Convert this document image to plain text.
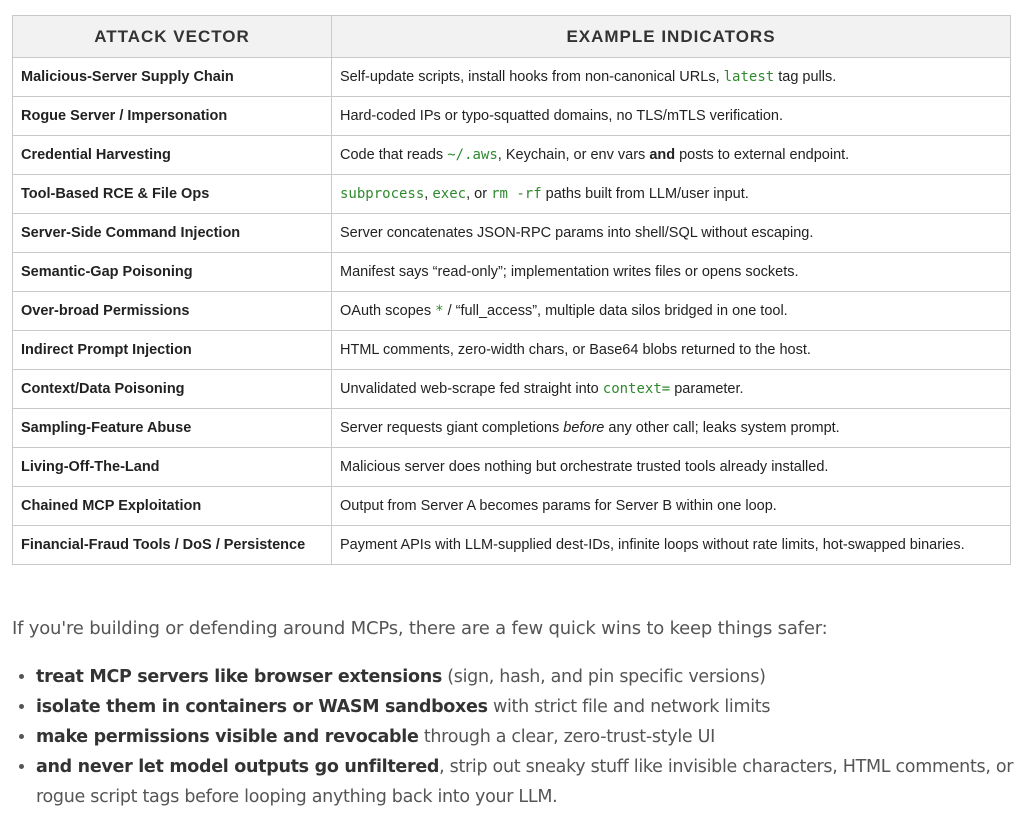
ATTACK VECTOR	EXAMPLE INDICATORS
Malicious-Server Supply Chain	Self-update scripts, install hooks from non-canonical URLs, latest tag pulls.
Rogue Server / Impersonation	Hard-coded IPs or typo-squatted domains, no TLS/mTLS verification.
Credential Harvesting	Code that reads ~/.aws, Keychain, or env vars and posts to external endpoint.
Tool-Based RCE & File Ops	subprocess, exec, or rm -rf paths built from LLM/user input.
Server-Side Command Injection	Server concatenates JSON-RPC params into shell/SQL without escaping.
Semantic-Gap Poisoning	Manifest says “read-only”; implementation writes files or opens sockets.
Over-broad Permissions	OAuth scopes * / “full_access”, multiple data silos bridged in one tool.
Indirect Prompt Injection	HTML comments, zero-width chars, or Base64 blobs returned to the host.
Context/Data Poisoning	Unvalidated web-scrape fed straight into context= parameter.
Sampling-Feature Abuse	Server requests giant completions before any other call; leaks system prompt.
Living-Off-The-Land	Malicious server does nothing but orchestrate trusted tools already installed.
Chained MCP Exploitation	Output from Server A becomes params for Server B within one loop.
Financial-Fraud Tools / DoS / Persistence	Payment APIs with LLM-supplied dest-IDs, infinite loops without rate limits, hot-swapped binaries.

If you're building or defending around MCPs, there are a few quick wins to keep things safer:

• treat MCP servers like browser extensions (sign, hash, and pin specific versions)
• isolate them in containers or WASM sandboxes with strict file and network limits
• make permissions visible and revocable through a clear, zero-trust-style UI
• and never let model outputs go unfiltered, strip out sneaky stuff like invisible characters, HTML comments, or rogue script tags before looping anything back into your LLM.
